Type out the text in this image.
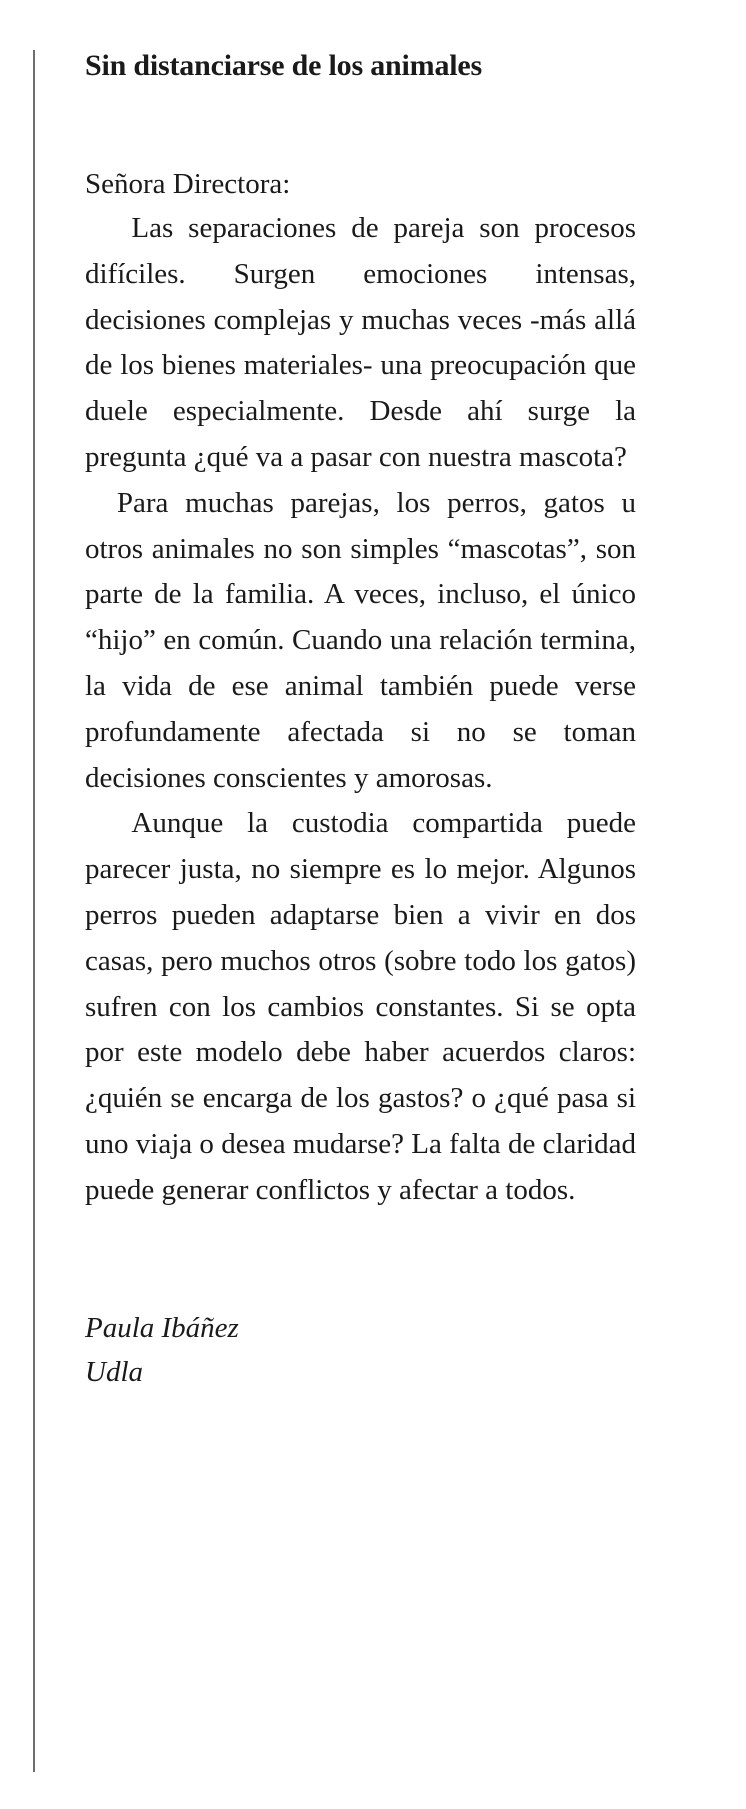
Sin distanciarse de los animales

Señora Directora:

Las separaciones de pareja son procesos difíciles. Surgen emociones intensas, decisiones complejas y muchas veces -más allá de los bienes materiales- una preocupación que duele especialmente. Desde ahí surge la pregunta ¿qué va a pasar con nuestra mascota?

Para muchas parejas, los perros, gatos u otros animales no son simples “mascotas”, son parte de la familia. A veces, incluso, el único “hijo” en común. Cuando una relación termina, la vida de ese animal también puede verse profundamente afectada si no se toman decisiones conscientes y amorosas.

Aunque la custodia compartida puede parecer justa, no siempre es lo mejor. Algunos perros pueden adaptarse bien a vivir en dos casas, pero muchos otros (sobre todo los gatos) sufren con los cambios constantes. Si se opta por este modelo debe haber acuerdos claros: ¿quién se encarga de los gastos? o ¿qué pasa si uno viaja o desea mudarse? La falta de claridad puede generar conflictos y afectar a todos.

Paula Ibáñez
Udla
